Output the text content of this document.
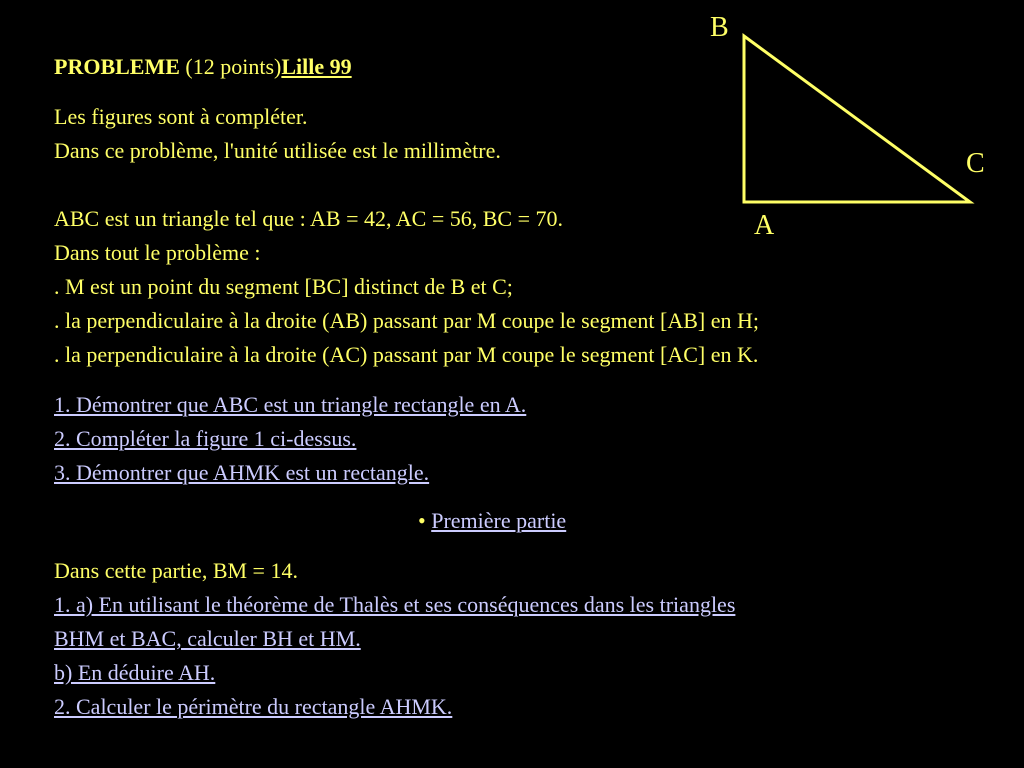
PROBLEME (12 points)Lille 99
Les figures sont à compléter.
Dans ce problème, l'unité utilisée est le millimètre.
ABC est un triangle tel que : AB = 42, AC = 56, BC = 70.
Dans tout le problème :
. M est un point du segment [BC] distinct de B et C;
. la perpendiculaire à la droite (AB) passant par M coupe le segment [AB] en H;
. la perpendiculaire à la droite (AC) passant par M coupe le segment [AC] en K.
1. Démontrer que ABC est un triangle rectangle en A.
2. Compléter la figure 1 ci-dessus.
3. Démontrer que AHMK est un rectangle.
• Première partie
Dans cette partie, BM = 14.
1. a) En utilisant le théorème de Thalès et ses conséquences dans les triangles
BHM et BAC, calculer BH et HM.
b) En déduire AH.
2. Calculer le périmètre du rectangle AHMK.
B
C
A
